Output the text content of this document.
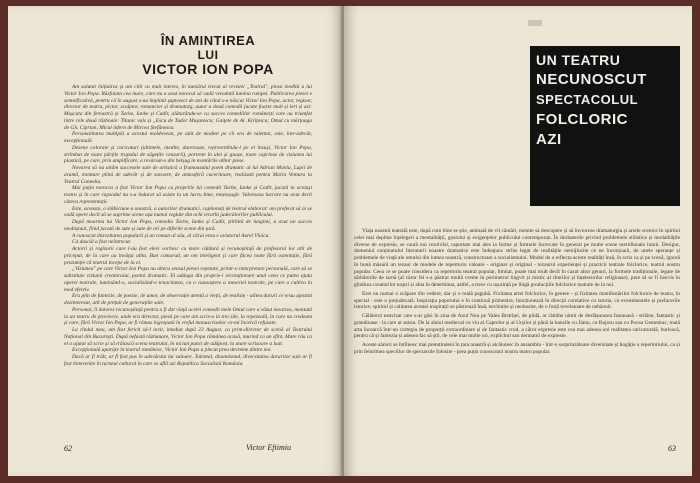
ÎN AMINTIREA
LUI
VICTOR ION POPA

Am salutat inițiativa și am citit cu mult interes, în numărul trecut al revistei „Teatrul", piesa inedită a lui Victor Ion Popa. Răsfoiam cea mare, care nu a avut norocul să vadă vreodată lumina rampei. Publicarea piesei e semnificativă, pentru că în august s-au împlinit șaptezeci de ani de când s-a născut Victor Ion Popa, actor, regizor, director de teatru, pictor, sculptor, romancier și dramaturg, autor a două comedii jucate foarte mult și ieri și azi: Mușcata din fereastră și Tache, Ianke și Cadîr, alăturându-se cu succes comediilor românești care au triumfat între cele două războaie: Titanic vals și „Escu de Tudor Mușatescu; Gaițele de Al. Kirițescu; Omul cu mârțoaga de Gh. Ciprian, Micul infern de Mircea Ștefănescu.

Personalitatea multiplă a acestui moldovean, pe atât de modest pe cît era de talentat, este, într-adevăr, excepțională.

Desene colorate și caricaturi (ultimele, inedite, dureroase, reprezentîndu-l pe el însuși, Victor Ion Popa, strîmbat de toate părțile trupului de săgețile cenzurii), portrete în ulei și guașe, toate cuprinse de viziunea lui plastică, pe care, prin amplificare, a revărsat-o din belșug în montările atîtor piese.

Novarea să nu uităm succesele sale de artistică a frumoasului poem dramatic al lui Adrian Maniu, Lupii de aramă, montare plină de adevăr și de savoare, de atmosferă cuceritoare, realizată pentru Maria Ventura la Teatrul Comedia.

Mai puțin norocos a fost Victor Ion Popa cu propriile lui comedii Tache, Ianke și Cadîr, jucată la același teatru și în care rapsodul nu s-a îndurat să asiste la un lucru bine, meșteșugit. Valoroasa lucrare nu avut decît câteva reprezentații.

Este, aceasta, o slăbiciune a noastră, a autorilor dramatici, capitonați de teatrul elaborat: am preferat să ni se vadă opere decît să se suprime scene așa numai reglate din ochi ierarhi judecătorilor publicului.

După moartea lui Victor Ion Popa, comedia Tache, Ianke și Cadîr, știrbită de lungimi, a avut un succes neobișnuit, fiind jucată de sute și sute de ori pe diferite scene din țară.

A cunoscut dezvoltarea populară și un roman al său, al cărui erou e aviatorul Aurel Vlaicu.

Ca dascăl a fost neîntrecut.

Actorii și regizorii care l-au fost elevi vorbesc cu mare căldură și recunoștință de profesorul lor atît de priceput, de la care au învățat atîta. Bun camarad, un om inteligent și care făcea toate fără ostentație, fără prezumție că teatrul începe de la el.

„Viziunea" pe care Victor Ion Popa nu altera sensul piesei repetate, printr-o interpretare personală, care să se substituie viziunii creatorului, poetul dramatic. El adăuga din proprie-i recreaționare unul ceea ce putea ajuta operei teatrale, luminând-o, socializând-o tenacitatea, cu o cunoaștere a meseriei teatrale, pe care o cultiva în mod efectiv.

Era plin de fantezie, de poezie, de umor, de observație atentă a vieții, de realism - atîtea daruri ce erau apostat dezinteresat, atît de prețuit de generațiile sale.

Personal, îl datorez recunoștință pentru a fi dat viață acelei comedii mele Omul care a văzut moartea, montată la un teatru de provincie, unde era director, piesă pe care am scris-o în trei zile, la repezeală, în care nu credeam și care, fără Victor Ion Popa, ar fi rămas îngropată în vreful manuscriselor ce-mi încercă refuzate.

La rîndul meu, am fost fericit să-l invit, imediat după 23 August, ca prim-director de scenă al Teatrului Național din București. După nefastă răzbunare, Victor Ion Popa rămânea acasă, murind ca un sfînt. Mare rău ca el a ajutat să scrie și să trăiască scena teatrului, în niciun punct de adăpost, la atare scrisoare a luat.

Excepțională apariție în teatrul românesc, Victor Ion Popa a plecat prea devreme dintre noi.

Dacă ar fi trăit, ar fi fost pus în adevărata lui valoare. Talentul, dinamismul, diversitatea darurilor sale ar fi fost binevenite în turneul cultural în care se află azi Republica Socialistă România.

62	Victor Eftimiu
UN TEATRU
NECUNOSCUT
SPECTACOLUL
FOLCLORIC
AZI

Viața noastră teatrală este, după cum bine se știe, animată de vii căutări, menite să descopere și să învioreze dramaturgia și artele scenice în spiritul celei mai depline înțelegeri a mentalității, gustului și exigențelor publicului contemporan. În dezbaterile privind problemele stilistice și modalitățile diverse de expresie, se caută noi rezolvări, raportate mai ales la forme și formule încercate în general pe multe scene meridionale lumii. Desigur, domeniul conținutului literaturii noastre dramatice este îndeajuns strîns legat de realitățile nemijlocite ce ne înconjoară, de unele speranțe și problemele de viață ale omului din lumea noastră, constructoare a socialismului. Modul de a reflecta aceste realități însă, în scris ca și pe scenă, ignoră în bună măsură un tezaur de modele de repertoriu valoare - originar și original - tezaurul experienței și practicii teatrale folclorice, teatrul nostru popular. Ceea ce se poate considera ca repertoriu teatral popular, limitat, poate mai mult decît în cazul altor genuri, la formele tradiționale, legate de sărbătorile de iarnă (al căror fel s-a păstrat multă vreme în perimetrul lingvit și mistic al riturilor și înțelesurilor religioase), pare să se fi înscris în gîndirea creatorilor noștri și abia în determinat, astfel, a trece cu ușurință pe lîngă producțiile folclorice teatrale de la noi.

Este nu numai o scăpare din vedere, dar și o reală pagubă. Fixitatea artei folclorice, în genere - și fixitatea manifestărilor folclorice de teatru, în special - este o prejudecată. Inspirația poporului e în continuă primenire, funcționează în direcții corelative cu istoria, cu evenimentele și prefacerile istorice; spiritul și calitatea acestei inspirații se păstrează însă, neclintite și neobosite, de o forță revelatoare de nebănuit.

Călătorul neavizat care s-ar găsi în ziua de Anul Nou pe Valea Bistriței, de pildă, ar rămîne uimit de desfășurarea fastuoasă - străine, fantastic și grandioase - la care ar asista. De la alaiul medieval cu viu al Caprelor și al Urșilor și până la banzile cu Jianu, cu Bujoru sau cu Pocea Gemeniuc, toată arta încearcă într-un cortegiu de proporții extraordinare și de fantastic crud, a căror expresie este cea mai adesea oni realitatea caricaturală, burlescă, pentru că și fantezia și adesea fac să ştii, de cele mai multe ori, explicitul sau derutatul de expresie.

Aceste alaiuri se întîlnesc mai pretutindeni în țara noastră și alcătuiesc în ansamblu - într-o surprinzătoare diversitate și bogăție a repertoriului, ca și prin felurimea speciilor de spectacole folosite - prea puțin cunoscutul nostru teatru popular.

63
